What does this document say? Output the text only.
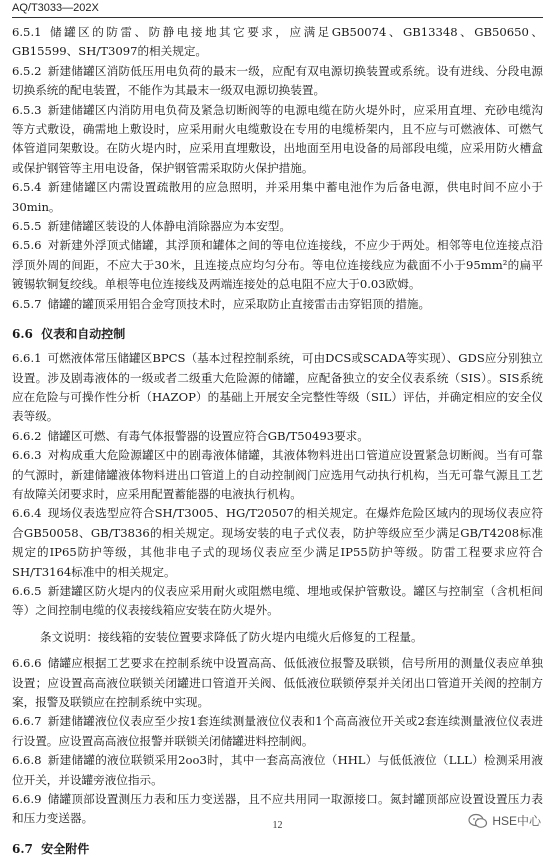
AQ/T3033—202X

6.5.1 储罐区的防雷、防静电接地其它要求，应满足GB50074、GB13348、GB50650、GB15599、SH/T3097的相关规定。

6.5.2 新建储罐区消防低压用电负荷的最末一级，应配有双电源切换装置或系统。设有进线、分段电源切换系统的配电装置，不能作为其最末一级双电源切换装置。

6.5.3 新建储罐区内消防用电负荷及紧急切断阀等的电源电缆在防火堤外时，应采用直埋、充砂电缆沟等方式敷设，确需地上敷设时，应采用耐火电缆敷设在专用的电缆桥架内，且不应与可燃液体、可燃气体管道同架敷设。在防火堤内时，应采用直埋敷设，出地面至用电设备的局部段电缆，应采用防火槽盒或保护钢管等主用电设备，保护钢管需采取防火保护措施。

6.5.4 新建储罐区内需设置疏散用的应急照明，并采用集中蓄电池作为后备电源，供电时间不应小于30min。

6.5.5 新建储罐区装设的人体静电消除器应为本安型。

6.5.6 对新建外浮顶式储罐，其浮顶和罐体之间的等电位连接线，不应少于两处。相邻等电位连接点沿浮顶外周的间距，不应大于30米，且连接点应均匀分布。等电位连接线应为截面不小于95mm²的扁平镀锡软铜复绞线。单根等电位连接线及两端连接处的总电阻不应大于0.03欧姆。

6.5.7 储罐的罐顶采用铝合金穹顶技术时，应采取防止直接雷击击穿铝顶的措施。

6.6 仪表和自动控制

6.6.1 可燃液体常压储罐区BPCS（基本过程控制系统，可由DCS或SCADA等实现）、GDS应分别独立设置。涉及剧毒液体的一级或者二级重大危险源的储罐，应配备独立的安全仪表系统（SIS）。SIS系统应在危险与可操作性分析（HAZOP）的基础上开展安全完整性等级（SIL）评估，并确定相应的安全仪表等级。

6.6.2 储罐区可燃、有毒气体报警器的设置应符合GB/T50493要求。

6.6.3 对构成重大危险源罐区中的剧毒液体储罐，其液体物料进出口管道应设置紧急切断阀。当有可靠的气源时，新建储罐液体物料进出口管道上的自动控制阀门应选用气动执行机构，当无可靠气源且工艺有故障关闭要求时，应采用配置蓄能器的电液执行机构。

6.6.4 现场仪表选型应符合SH/T3005、HG/T20507的相关规定。在爆炸危险区域内的现场仪表应符合GB50058、GB/T3836的相关规定。现场安装的电子式仪表，防护等级应至少满足GB/T4208标准规定的IP65防护等级，其他非电子式的现场仪表应至少满足IP55防护等级。防雷工程要求应符合SH/T3164标准中的相关规定。

6.6.5 新建罐区防火堤内的仪表应采用耐火或阻燃电缆、埋地或保护管敷设。罐区与控制室（含机柜间等）之间控制电缆的仪表接线箱应安装在防火堤外。

条文说明：接线箱的安装位置要求降低了防火堤内电缆火后修复的工程量。

6.6.6 储罐应根据工艺要求在控制系统中设置高高、低低液位报警及联锁，信号所用的测量仪表应单独设置；应设置高高液位联锁关闭罐进口管道开关阀、低低液位联锁停泵并关闭出口管道开关阀的控制方案，报警及联锁应在控制系统中实现。

6.6.7 新建储罐液位仪表应至少按1套连续测量液位仪表和1个高高液位开关或2套连续测量液位仪表进行设置。应设置高高液位报警并联锁关闭储罐进料控制阀。

6.6.8 新建储罐的液位联锁采用2oo3时，其中一套高高液位（HHL）与低低液位（LLL）检测采用液位开关，并设罐旁液位指示。

6.6.9 储罐顶部设置测压力表和压力变送器，且不应共用同一取源接口。氮封罐顶部应设置设置压力表和压力变送器。

6.7 安全附件
12	HSE中心
